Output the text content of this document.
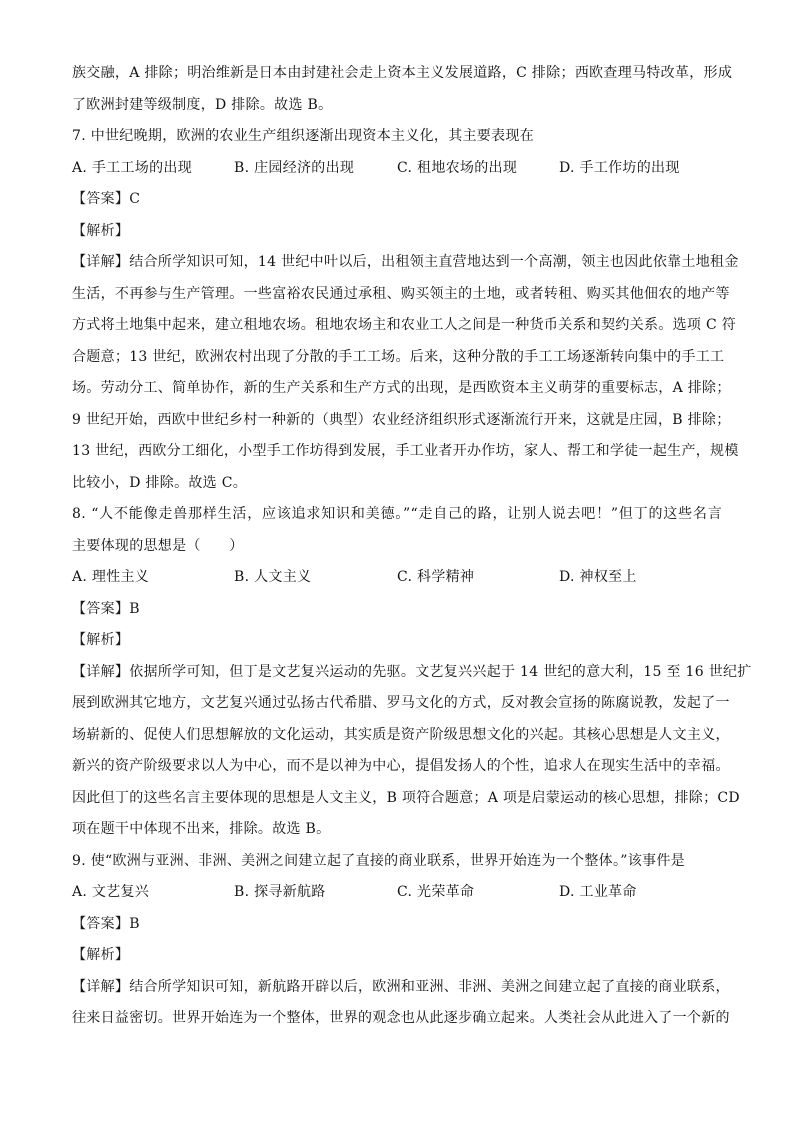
族交融，A 排除；明治维新是日本由封建社会走上资本主义发展道路，C 排除；西欧查理马特改革，形成
了欧洲封建等级制度，D 排除。故选 B。
7. 中世纪晚期，欧洲的农业生产组织逐渐出现资本主义化，其主要表现在
A. 手工工场的出现	B. 庄园经济的出现	C. 租地农场的出现	D. 手工作坊的出现
【答案】C
【解析】
【详解】结合所学知识可知，14 世纪中叶以后，出租领主直营地达到一个高潮，领主也因此依靠土地租金
生活，不再参与生产管理。一些富裕农民通过承租、购买领主的土地，或者转租、购买其他佃农的地产等
方式将土地集中起来，建立租地农场。租地农场主和农业工人之间是一种货币关系和契约关系。选项 C 符
合题意；13 世纪，欧洲农村出现了分散的手工工场。后来，这种分散的手工工场逐渐转向集中的手工工
场。劳动分工、简单协作，新的生产关系和生产方式的出现，是西欧资本主义萌芽的重要标志，A 排除；
9 世纪开始，西欧中世纪乡村一种新的（典型）农业经济组织形式逐渐流行开来，这就是庄园，B 排除；
13 世纪，西欧分工细化，小型手工作坊得到发展，手工业者开办作坊，家人、帮工和学徒一起生产，规模
比较小，D 排除。故选 C。
8. “人不能像走兽那样生活，应该追求知识和美德。”“走自己的路，让别人说去吧！”但丁的这些名言
主要体现的思想是（　　）
A. 理性主义	B. 人文主义	C. 科学精神	D. 神权至上
【答案】B
【解析】
【详解】依据所学可知，但丁是文艺复兴运动的先驱。文艺复兴兴起于 14 世纪的意大利，15 至 16 世纪扩
展到欧洲其它地方，文艺复兴通过弘扬古代希腊、罗马文化的方式，反对教会宣扬的陈腐说教，发起了一
场崭新的、促使人们思想解放的文化运动，其实质是资产阶级思想文化的兴起。其核心思想是人文主义，
新兴的资产阶级要求以人为中心，而不是以神为中心，提倡发扬人的个性，追求人在现实生活中的幸福。
因此但丁的这些名言主要体现的思想是人文主义，B 项符合题意；A 项是启蒙运动的核心思想，排除；CD
项在题干中体现不出来，排除。故选 B。
9. 使“欧洲与亚洲、非洲、美洲之间建立起了直接的商业联系，世界开始连为一个整体。”该事件是
A. 文艺复兴	B. 探寻新航路	C. 光荣革命	D. 工业革命
【答案】B
【解析】
【详解】结合所学知识可知，新航路开辟以后，欧洲和亚洲、非洲、美洲之间建立起了直接的商业联系，
往来日益密切。世界开始连为一个整体，世界的观念也从此逐步确立起来。人类社会从此进入了一个新的
